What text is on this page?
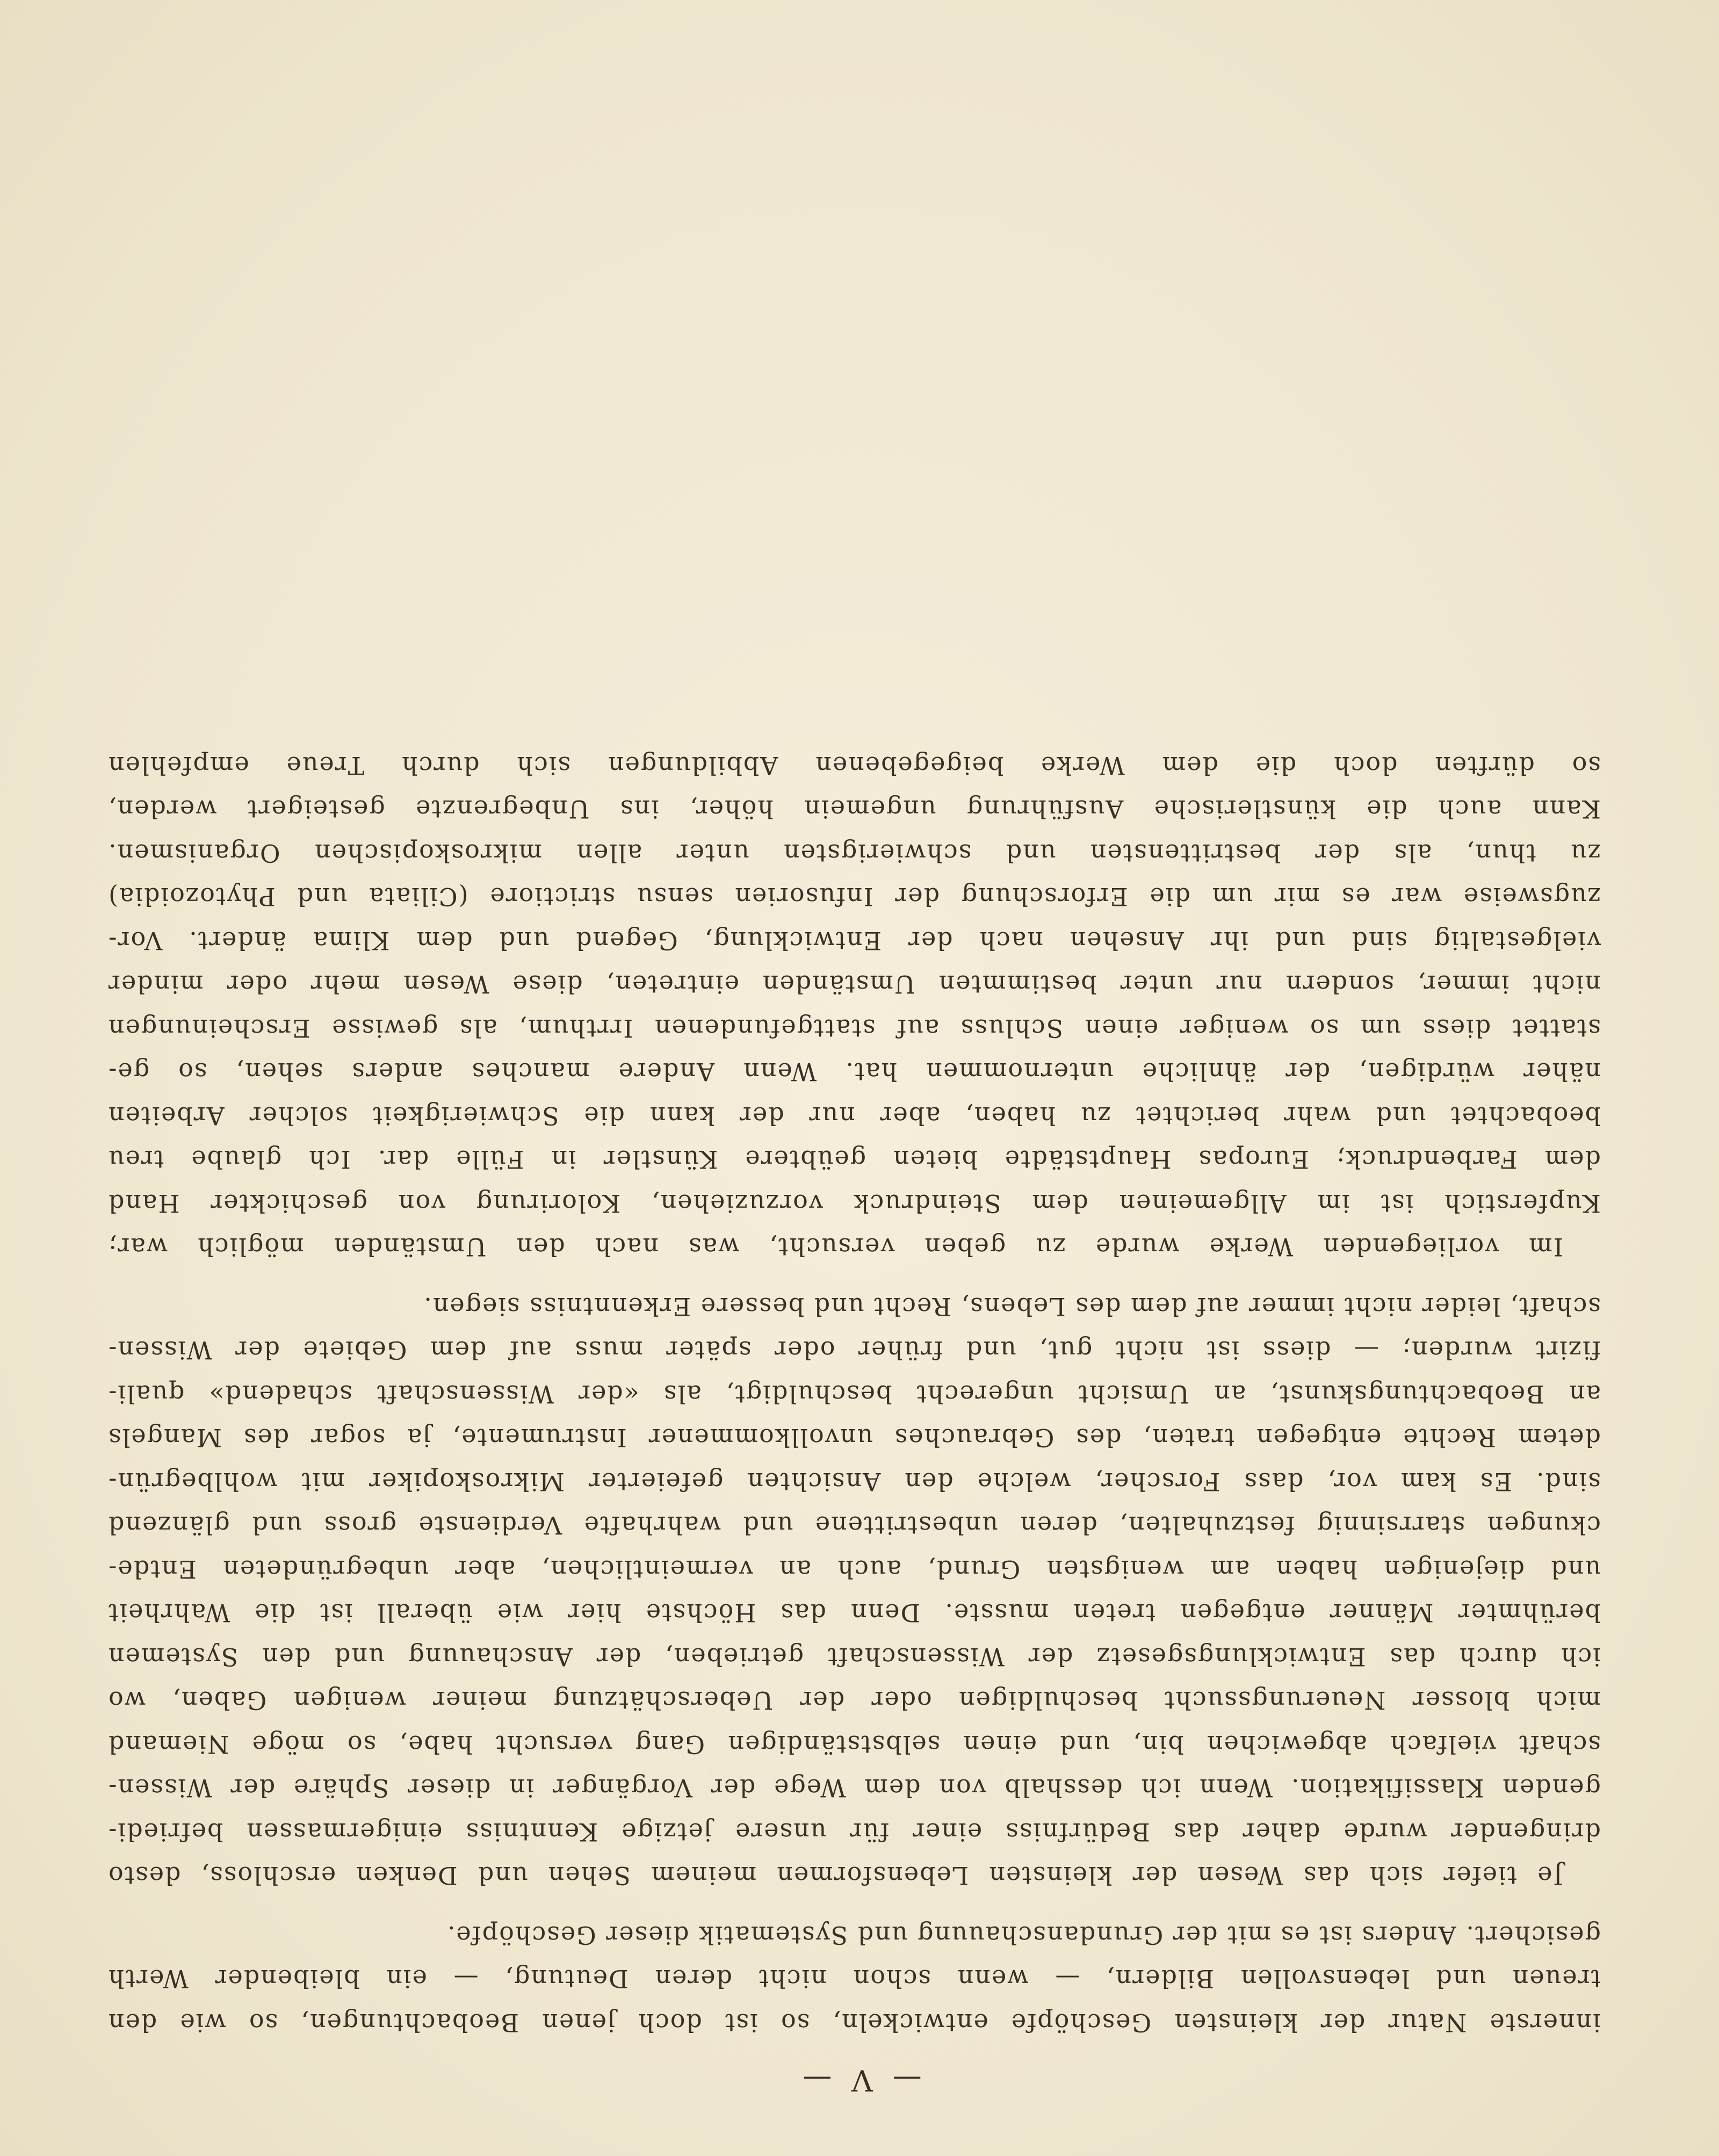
— V —
innerste Natur der kleinsten Geschöpfe entwickeln, so ist doch jenen Beobachtungen, so wie den
treuen und lebensvollen Bildern, — wenn schon nicht deren Deutung, — ein bleibender Werth
gesichert. Anders ist es mit der Grundanschauung und Systematik dieser Geschöpfe.
Je tiefer sich das Wesen der kleinsten Lebensformen meinem Sehen und Denken erschloss, desto
dringender wurde daher das Bedürfniss einer für unsere jetzige Kenntniss einigermassen befriedi-
genden Klassifikation. Wenn ich desshalb von dem Wege der Vorgänger in dieser Sphäre der Wissen-
schaft vielfach abgewichen bin, und einen selbstständigen Gang versucht habe, so möge Niemand
mich blosser Neuerungssucht beschuldigen oder der Ueberschätzung meiner wenigen Gaben, wo
ich durch das Entwicklungsgesetz der Wissenschaft getrieben, der Anschauung und den Systemen
berühmter Männer entgegen treten musste. Denn das Höchste hier wie überall ist die Wahrheit
und diejenigen haben am wenigsten Grund, auch an vermeintlichen, aber unbegründeten Entde-
ckungen starrsinnig festzuhalten, deren unbestrittene und wahrhafte Verdienste gross und glänzend
sind. Es kam vor, dass Forscher, welche den Ansichten gefeierter Mikroskopiker mit wohlbegrün-
detem Rechte entgegen traten, des Gebrauches unvollkommener Instrumente, ja sogar des Mangels
an Beobachtungskunst, an Umsicht ungerecht beschuldigt, als «der Wissenschaft schadend» quali-
fizirt wurden; — diess ist nicht gut, und früher oder später muss auf dem Gebiete der Wissen-
schaft, leider nicht immer auf dem des Lebens, Recht und bessere Erkenntniss siegen.
Im vorliegenden Werke wurde zu geben versucht, was nach den Umständen möglich war;
Kupferstich ist im Allgemeinen dem Steindruck vorzuziehen, Kolorirung von geschickter Hand
dem Farbendruck; Europas Hauptstädte bieten geübtere Künstler in Fülle dar. Ich glaube treu
beobachtet und wahr berichtet zu haben, aber nur der kann die Schwierigkeit solcher Arbeiten
näher würdigen, der ähnliche unternommen hat. Wenn Andere manches anders sehen, so ge-
stattet diess um so weniger einen Schluss auf stattgefundenen Irrthum, als gewisse Erscheinungen
nicht immer, sondern nur unter bestimmten Umständen eintreten, diese Wesen mehr oder minder
vielgestaltig sind und ihr Ansehen nach der Entwicklung, Gegend und dem Klima ändert. Vor-
zugsweise war es mir um die Erforschung der Infusorien sensu strictiore (Ciliata und Phytozoidia)
zu thun, als der bestrittensten und schwierigsten unter allen mikroskopischen Organismen.
Kann auch die künstlerische Ausführung ungemein höher, ins Unbegrenzte gesteigert werden,
so dürften doch die dem Werke beigegebenen Abbildungen sich durch Treue empfehlen
